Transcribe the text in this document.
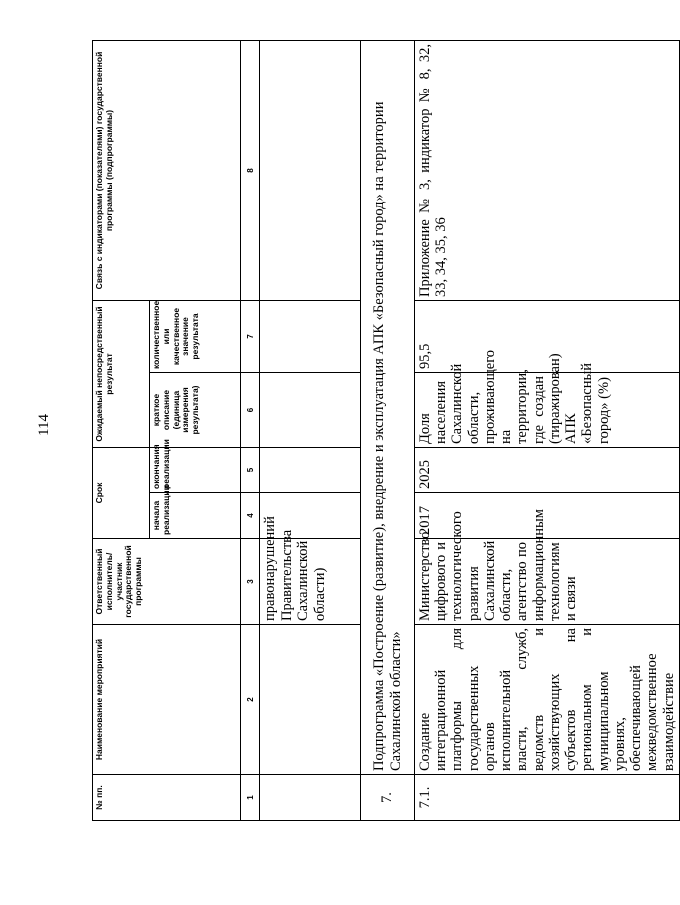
114
№ пп.	Наименование мероприятий	Ответственный исполнитель/ участник государственной программы	Срок		Ожидаемый непосредственный результат		Связь с индикаторами (показателями) государственной программы (подпрограммы)
			начала реализации	окончания реализации	краткое описание (единица измерения результата)	количественное или качественное значение результата	
1	2	3	4	5	6	7	8
		правонарушений Правительства Сахалинской области)					
7.	Подпрограмма «Построение (развитие), внедрение и эксплуатация АПК «Безопасный город» на территории Сахалинской области»						
7.1.	Создание интеграционной платформы для государственных органов исполнительной власти, служб, ведомств и хозяйствующих субъектов на региональном и муниципальном уровнях, обеспечивающей межведомственное взаимодействие	Министерство цифрового и технологического развития Сахалинской области, агентство по информационным технологиям и связи	2017	2025	Доля населения Сахалинской области, проживающего на территории, где создан (тиражирован) АПК «Безопасный город» (%)	95,5	Приложение № 3, индикатор № 8, 32, 33, 34, 35, 36
